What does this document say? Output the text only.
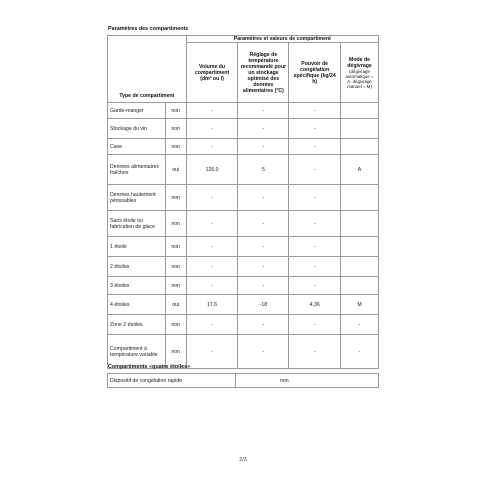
Paramètres des compartiments
Type de compartiment		Paramètres et valeurs de compartiment			
		Volume du compartiment (dm³ ou l)	Réglage de température recommandé pour un stockage optimisé des denrées alimentaires (°C)	Pouvoir de congélation spécifique (kg/24 h)	Mode de dégivrage
(dégivrage automatique = A, dégivrage manuel = M)

Garde-manger	non	-	-	-	
Stockage du vin	non	-	-	-	
Cave	non	-	-	-	
Denrées alimentaires fraîches	oui	126,0	5	-	A
Denrées hautement périssables	non	-	-	-	
Sans étoile ou fabrication de glace	non	-	-	-	
1 étoile	non	-	-	-	
2 étoiles	non	-	-	-	
3 étoiles	non	-	-	-	
4 étoiles	oui	17,6	-18	4,36	M
Zone 2 étoiles	non	-	-	-	-
Compartiment à température variable	non	-	-	-	-
Compartiments «quatre étoiles»
Dispositif de congélation rapide	non
2/3
